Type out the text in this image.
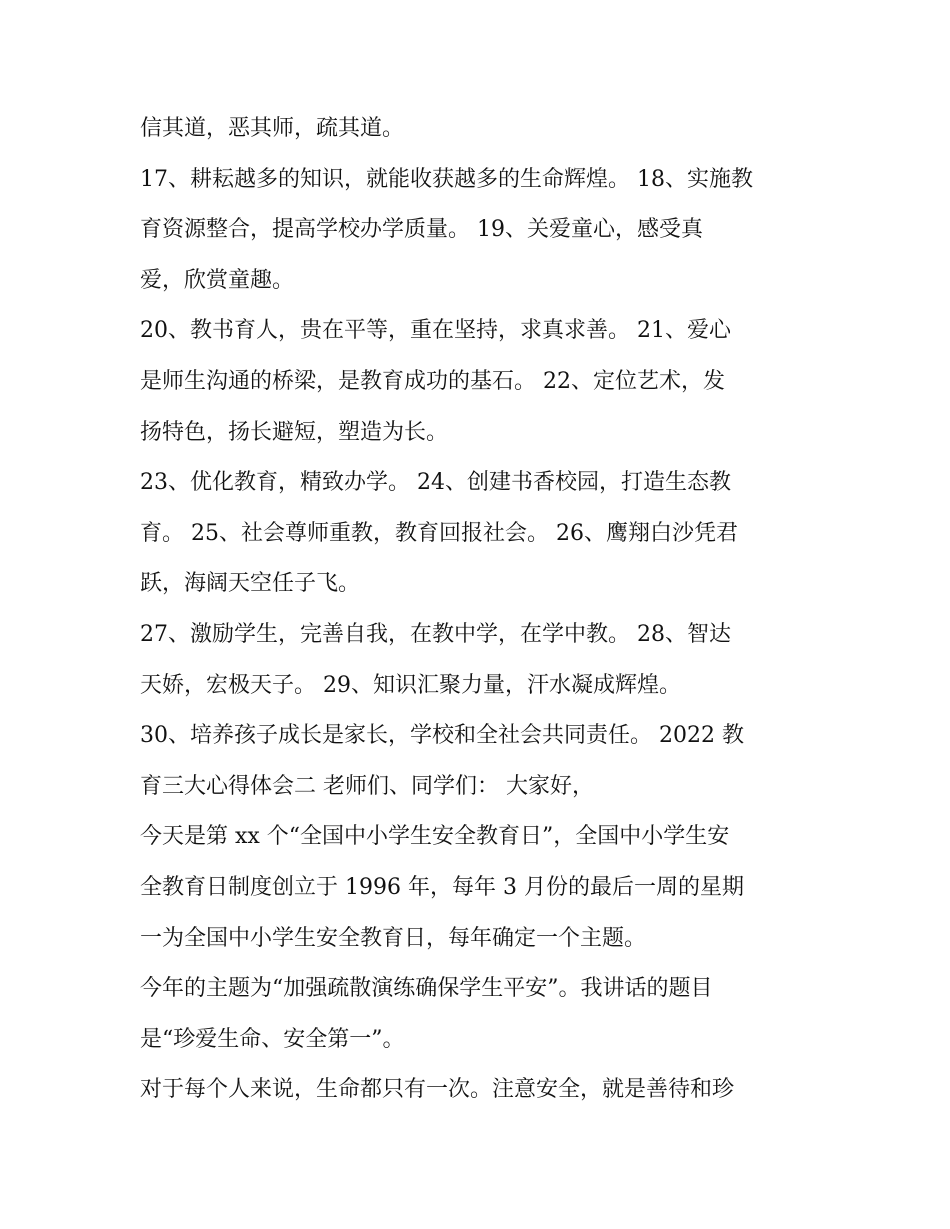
信其道，恶其师，疏其道。
17、耕耘越多的知识，就能收获越多的生命辉煌。 18、实施教
育资源整合，提高学校办学质量。 19、关爱童心，感受真
爱，欣赏童趣。
20、教书育人，贵在平等，重在坚持，求真求善。 21、爱心
是师生沟通的桥梁，是教育成功的基石。 22、定位艺术，发
扬特色，扬长避短，塑造为长。
23、优化教育，精致办学。 24、创建书香校园，打造生态教
育。 25、社会尊师重教，教育回报社会。 26、鹰翔白沙凭君
跃，海阔天空任子飞。
27、激励学生，完善自我，在教中学，在学中教。 28、智达
天娇，宏极天子。 29、知识汇聚力量，汗水凝成辉煌。
30、培养孩子成长是家长，学校和全社会共同责任。 2022 教
育三大心得体会二 老师们、同学们： 大家好，
今天是第 xx 个“全国中小学生安全教育日”，全国中小学生安
全教育日制度创立于 1996 年，每年 3 月份的最后一周的星期
一为全国中小学生安全教育日，每年确定一个主题。
今年的主题为“加强疏散演练确保学生平安”。我讲话的题目
是“珍爱生命、安全第一”。
对于每个人来说，生命都只有一次。注意安全，就是善待和珍
